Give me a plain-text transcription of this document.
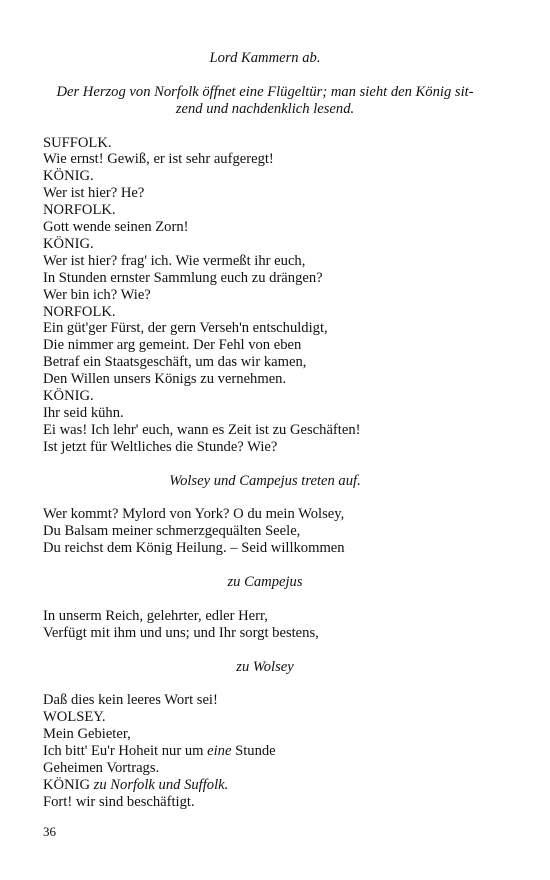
Lord Kammern ab.
Der Herzog von Norfolk öffnet eine Flügeltür; man sieht den König sit-
zend und nachdenklich lesend.
SUFFOLK.
Wie ernst! Gewiß, er ist sehr aufgeregt!
KÖNIG.
Wer ist hier? He?
NORFOLK.
Gott wende seinen Zorn!
KÖNIG.
Wer ist hier? frag' ich. Wie vermeßt ihr euch,
In Stunden ernster Sammlung euch zu drängen?
Wer bin ich? Wie?
NORFOLK.
Ein güt'ger Fürst, der gern Verseh'n entschuldigt,
Die nimmer arg gemeint. Der Fehl von eben
Betraf ein Staatsgeschäft, um das wir kamen,
Den Willen unsers Königs zu vernehmen.
KÖNIG.
Ihr seid kühn.
Ei was! Ich lehr' euch, wann es Zeit ist zu Geschäften!
Ist jetzt für Weltliches die Stunde? Wie?
Wolsey und Campejus treten auf.
Wer kommt? Mylord von York? O du mein Wolsey,
Du Balsam meiner schmerzgequälten Seele,
Du reichst dem König Heilung. – Seid willkommen
zu Campejus
In unserm Reich, gelehrter, edler Herr,
Verfügt mit ihm und uns; und Ihr sorgt bestens,
zu Wolsey
Daß dies kein leeres Wort sei!
WOLSEY.
Mein Gebieter,
Ich bitt' Eu'r Hoheit nur um eine Stunde
Geheimen Vortrags.
KÖNIG zu Norfolk und Suffolk.
Fort! wir sind beschäftigt.
36
